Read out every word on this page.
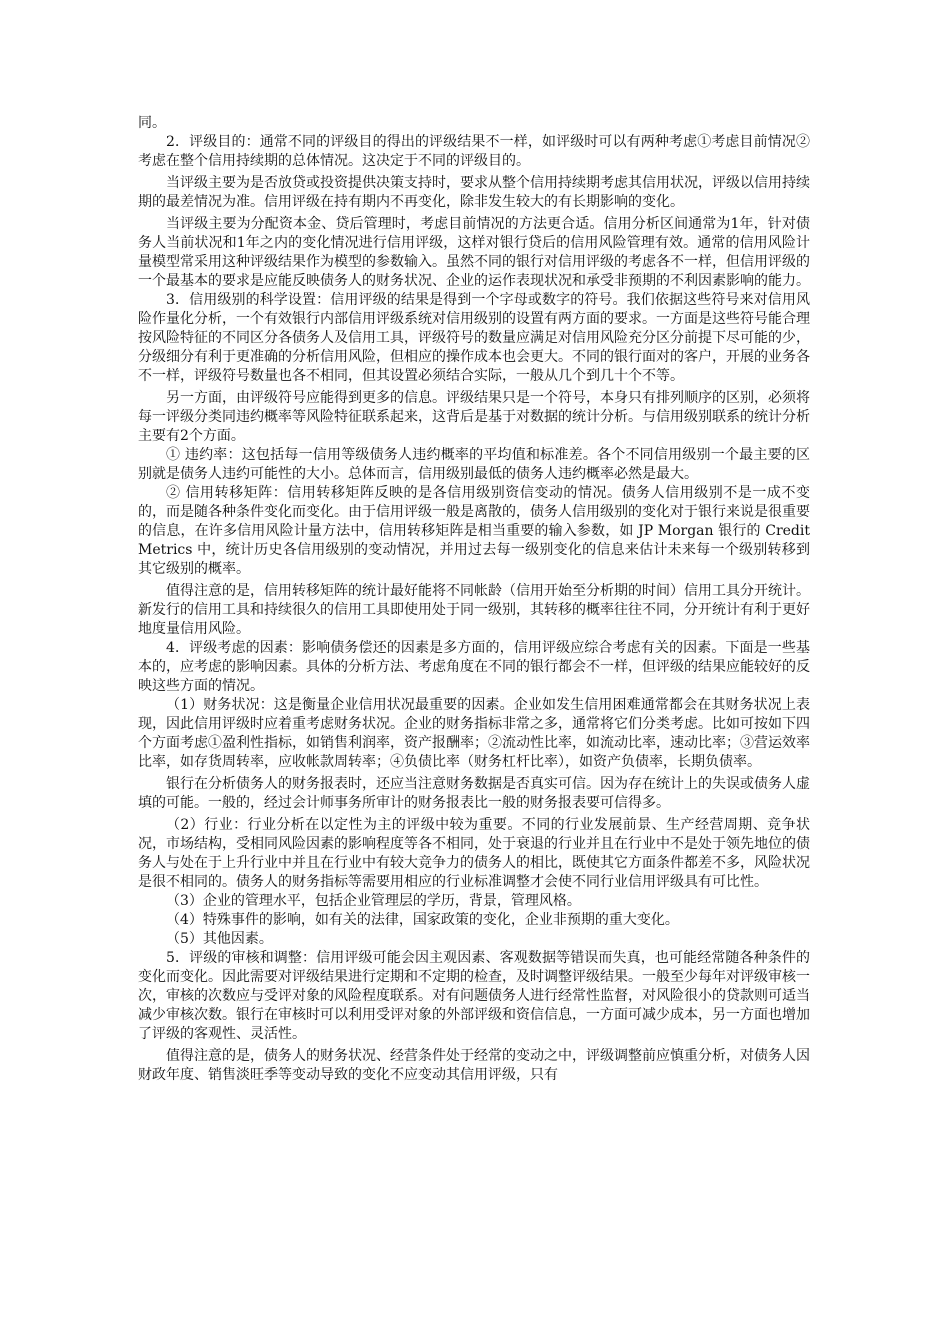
同。

2．评级目的：通常不同的评级目的得出的评级结果不一样，如评级时可以有两种考虑①考虑目前情况②考虑在整个信用持续期的总体情况。这决定于不同的评级目的。

当评级主要为是否放贷或投资提供决策支持时，要求从整个信用持续期考虑其信用状况，评级以信用持续期的最差情况为准。信用评级在持有期内不再变化，除非发生较大的有长期影响的变化。

当评级主要为分配资本金、贷后管理时，考虑目前情况的方法更合适。信用分析区间通常为1年，针对债务人当前状况和1年之内的变化情况进行信用评级，这样对银行贷后的信用风险管理有效。通常的信用风险计量模型常采用这种评级结果作为模型的参数输入。虽然不同的银行对信用评级的考虑各不一样，但信用评级的一个最基本的要求是应能反映债务人的财务状况、企业的运作表现状况和承受非预期的不利因素影响的能力。

3．信用级别的科学设置：信用评级的结果是得到一个字母或数字的符号。我们依据这些符号来对信用风险作量化分析，一个有效银行内部信用评级系统对信用级别的设置有两方面的要求。一方面是这些符号能合理按风险特征的不同区分各债务人及信用工具，评级符号的数量应满足对信用风险充分区分前提下尽可能的少，分级细分有利于更准确的分析信用风险，但相应的操作成本也会更大。不同的银行面对的客户，开展的业务各不一样，评级符号数量也各不相同，但其设置必须结合实际，一般从几个到几十个不等。

另一方面，由评级符号应能得到更多的信息。评级结果只是一个符号，本身只有排列顺序的区别，必须将每一评级分类同违约概率等风险特征联系起来，这背后是基于对数据的统计分析。与信用级别联系的统计分析主要有2个方面。

① 违约率：这包括每一信用等级债务人违约概率的平均值和标准差。各个不同信用级别一个最主要的区别就是债务人违约可能性的大小。总体而言，信用级别最低的债务人违约概率必然是最大。

② 信用转移矩阵：信用转移矩阵反映的是各信用级别资信变动的情况。债务人信用级别不是一成不变的，而是随各种条件变化而变化。由于信用评级一般是离散的，债务人信用级别的变化对于银行来说是很重要的信息，在许多信用风险计量方法中，信用转移矩阵是相当重要的输入参数，如 JP Morgan 银行的 CreditMetrics 中，统计历史各信用级别的变动情况，并用过去每一级别变化的信息来估计未来每一个级别转移到其它级别的概率。

值得注意的是，信用转移矩阵的统计最好能将不同帐龄（信用开始至分析期的时间）信用工具分开统计。新发行的信用工具和持续很久的信用工具即使用处于同一级别，其转移的概率往往不同，分开统计有利于更好地度量信用风险。

4．评级考虑的因素：影响债务偿还的因素是多方面的，信用评级应综合考虑有关的因素。下面是一些基本的，应考虑的影响因素。具体的分析方法、考虑角度在不同的银行都会不一样，但评级的结果应能较好的反映这些方面的情况。

（1）财务状况：这是衡量企业信用状况最重要的因素。企业如发生信用困难通常都会在其财务状况上表现，因此信用评级时应着重考虑财务状况。企业的财务指标非常之多，通常将它们分类考虑。比如可按如下四个方面考虑①盈利性指标，如销售利润率，资产报酬率；②流动性比率，如流动比率，速动比率；③营运效率比率，如存货周转率，应收帐款周转率；④负债比率（财务杠杆比率），如资产负债率，长期负债率。

银行在分析债务人的财务报表时，还应当注意财务数据是否真实可信。因为存在统计上的失误或债务人虚填的可能。一般的，经过会计师事务所审计的财务报表比一般的财务报表要可信得多。

（2）行业：行业分析在以定性为主的评级中较为重要。不同的行业发展前景、生产经营周期、竞争状况，市场结构，受相同风险因素的影响程度等各不相同，处于衰退的行业并且在行业中不是处于领先地位的债务人与处在于上升行业中并且在行业中有较大竞争力的债务人的相比，既使其它方面条件都差不多，风险状况是很不相同的。债务人的财务指标等需要用相应的行业标准调整才会使不同行业信用评级具有可比性。

（3）企业的管理水平，包括企业管理层的学历，背景，管理风格。

（4）特殊事件的影响，如有关的法律，国家政策的变化，企业非预期的重大变化。

（5）其他因素。

5．评级的审核和调整：信用评级可能会因主观因素、客观数据等错误而失真，也可能经常随各种条件的变化而变化。因此需要对评级结果进行定期和不定期的检查，及时调整评级结果。一般至少每年对评级审核一次，审核的次数应与受评对象的风险程度联系。对有问题债务人进行经常性监督，对风险很小的贷款则可适当减少审核次数。银行在审核时可以利用受评对象的外部评级和资信信息，一方面可减少成本，另一方面也增加了评级的客观性、灵活性。

值得注意的是，债务人的财务状况、经营条件处于经常的变动之中，评级调整前应慎重分析，对债务人因财政年度、销售淡旺季等变动导致的变化不应变动其信用评级，只有
